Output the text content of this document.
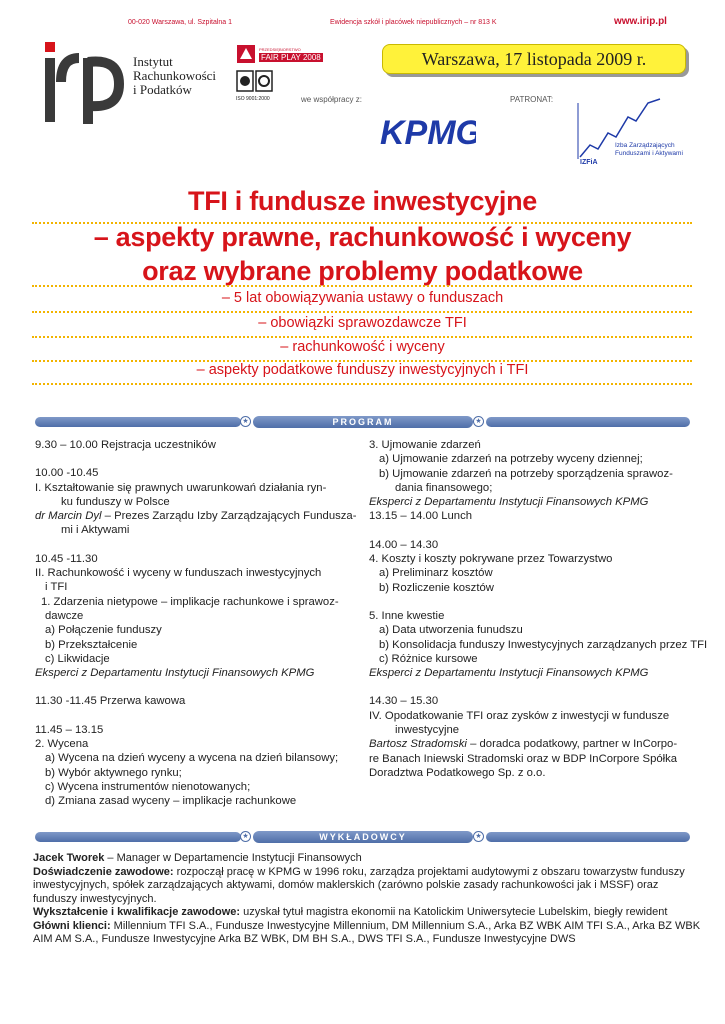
00-020 Warszawa, ul. Szpitalna 1	Ewidencja szkół i placówek niepublicznych – nr 813 K	www.irip.pl
Instytut
Rachunkowości
i Podatków
PRZEDSIĘBIORSTWO
FAIR PLAY 2008
ISO 9001:2000
Warszawa, 17 listopada 2009 r.
we współpracy z:
KPMG
PATRONAT:
Izba Zarządzających
Funduszami i Aktywami
IZFiA
TFI i fundusze inwestycyjne
– aspekty prawne, rachunkowość i wyceny
oraz wybrane problemy podatkowe
– 5 lat obowiązywania ustawy o funduszach
– obowiązki sprawozdawcze TFI
– rachunkowość i wyceny
– aspekty podatkowe funduszy inwestycyjnych i TFI
★	PROGRAM	★
9.30 – 10.00 Rejstracja uczestników
10.00 -10.45
I. Kształtowanie się prawnych uwarunkowań działania ryn-
ku funduszy w Polsce
dr Marcin Dyl – Prezes Zarządu Izby Zarządzających Fundusza-
mi i Aktywami
10.45 -11.30
II. Rachunkowość i wyceny w funduszach inwestycyjnych
i TFI
1. Zdarzenia nietypowe – implikacje rachunkowe i sprawoz-
dawcze
a) Połączenie funduszy
b) Przekształcenie
c) Likwidacje
Eksperci z Departamentu Instytucji Finansowych KPMG
11.30 -11.45 Przerwa kawowa
11.45 – 13.15
2. Wycena
a) Wycena na dzień wyceny a wycena na dzień bilansowy;
b) Wybór aktywnego rynku;
c) Wycena instrumentów nienotowanych;
d) Zmiana zasad wyceny – implikacje rachunkowe
3. Ujmowanie zdarzeń
a) Ujmowanie zdarzeń na potrzeby wyceny dziennej;
b) Ujmowanie zdarzeń na potrzeby sporządzenia sprawoz-
dania finansowego;
Eksperci z Departamentu Instytucji Finansowych KPMG
13.15 – 14.00 Lunch
14.00 – 14.30
4. Koszty i koszty pokrywane przez Towarzystwo
a) Preliminarz kosztów
b) Rozliczenie kosztów
5. Inne kwestie
a) Data utworzenia funudszu
b) Konsolidacja funduszy Inwestycyjnych zarządzanych przez TFI
c) Różnice kursowe
Eksperci z Departamentu Instytucji Finansowych KPMG
14.30 – 15.30
IV. Opodatkowanie TFI oraz zysków z inwestycji w fundusze
inwestycyjne
Bartosz Stradomski – doradca podatkowy, partner w InCorpo-
re Banach Iniewski Stradomski oraz w BDP InCorpore Spółka
Doradztwa Podatkowego Sp. z o.o.
★	WYKŁADOWCY	★
Jacek Tworek – Manager w Departamencie Instytucji Finansowych
Doświadczenie zawodowe: rozpoczął pracę w KPMG w 1996 roku, zarządza projektami audytowymi z obszaru towarzystw funduszy
inwestycyjnych, spółek zarządzających aktywami, domów maklerskich (zarówno polskie zasady rachunkowości jak i MSSF) oraz
funduszy inwestycyjnych.
Wykształcenie i kwalifikacje zawodowe: uzyskał tytuł magistra ekonomii na Katolickim Uniwersytecie Lubelskim, biegły rewident
Główni klienci: Millennium TFI S.A., Fundusze Inwestycyjne Millennium, DM Millennium S.A., Arka BZ WBK AIM TFI S.A., Arka BZ WBK
AIM AM S.A., Fundusze Inwestycyjne Arka BZ WBK, DM BH S.A., DWS TFI S.A., Fundusze Inwestycyjne DWS
